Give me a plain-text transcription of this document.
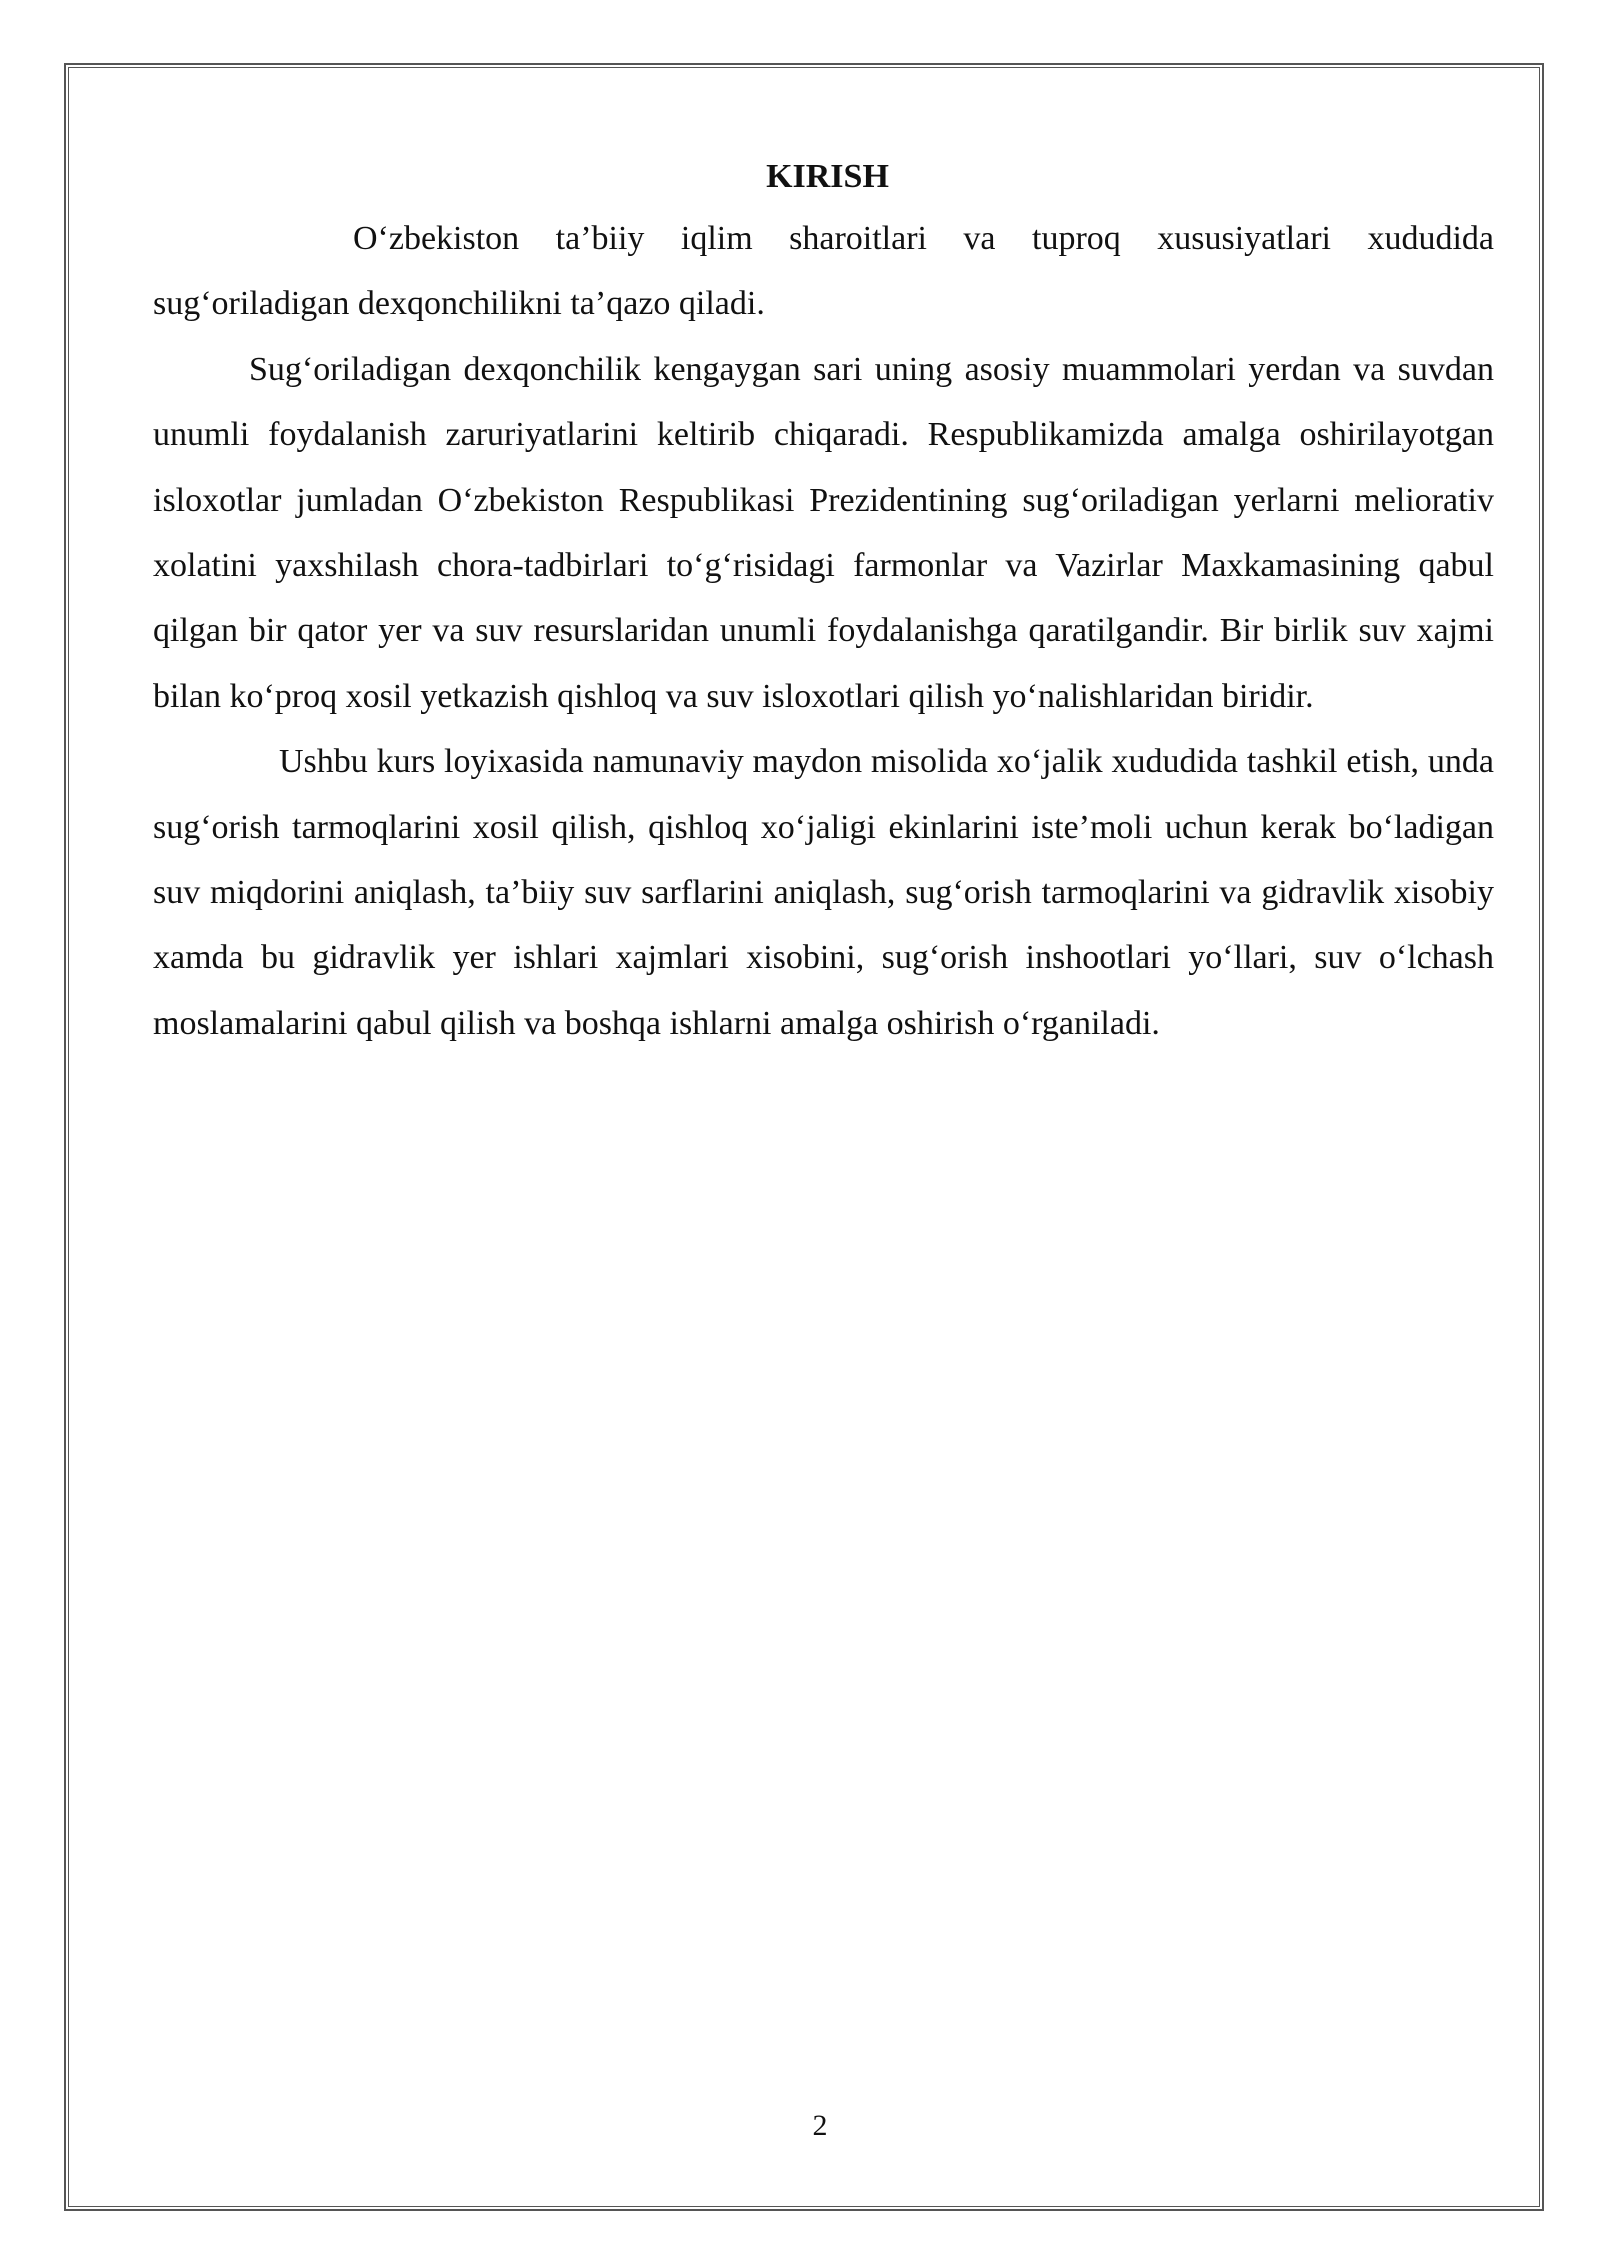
KIRISH

O‘zbekiston ta’biiy iqlim sharoitlari va tuproq xususiyatlari xududida sug‘oriladigan dexqonchilikni ta’qazo qiladi.

Sug‘oriladigan dexqonchilik kengaygan sari uning asosiy muammolari yerdan va suvdan unumli foydalanish zaruriyatlarini keltirib chiqaradi. Respublikamizda amalga oshirilayotgan isloxotlar jumladan O‘zbekiston Respublikasi Prezidentining sug‘oriladigan yerlarni meliorativ xolatini yaxshilash chora-tadbirlari to‘g‘risidagi farmonlar va Vazirlar Maxkamasining qabul qilgan bir qator yer va suv resurslaridan unumli foydalanishga qaratilgandir. Bir birlik suv xajmi bilan ko‘proq xosil yetkazish qishloq va suv isloxotlari qilish yo‘nalishlaridan biridir.

Ushbu kurs loyixasida namunaviy maydon misolida xo‘jalik xududida tashkil etish, unda sug‘orish tarmoqlarini xosil qilish, qishloq xo‘jaligi ekinlarini iste’moli uchun kerak bo‘ladigan suv miqdorini aniqlash, ta’biiy suv sarflarini aniqlash, sug‘orish tarmoqlarini va gidravlik xisobiy xamda bu gidravlik yer ishlari xajmlari xisobini, sug‘orish inshootlari yo‘llari, suv o‘lchash moslamalarini qabul qilish va boshqa ishlarni amalga oshirish o‘rganiladi.

2
